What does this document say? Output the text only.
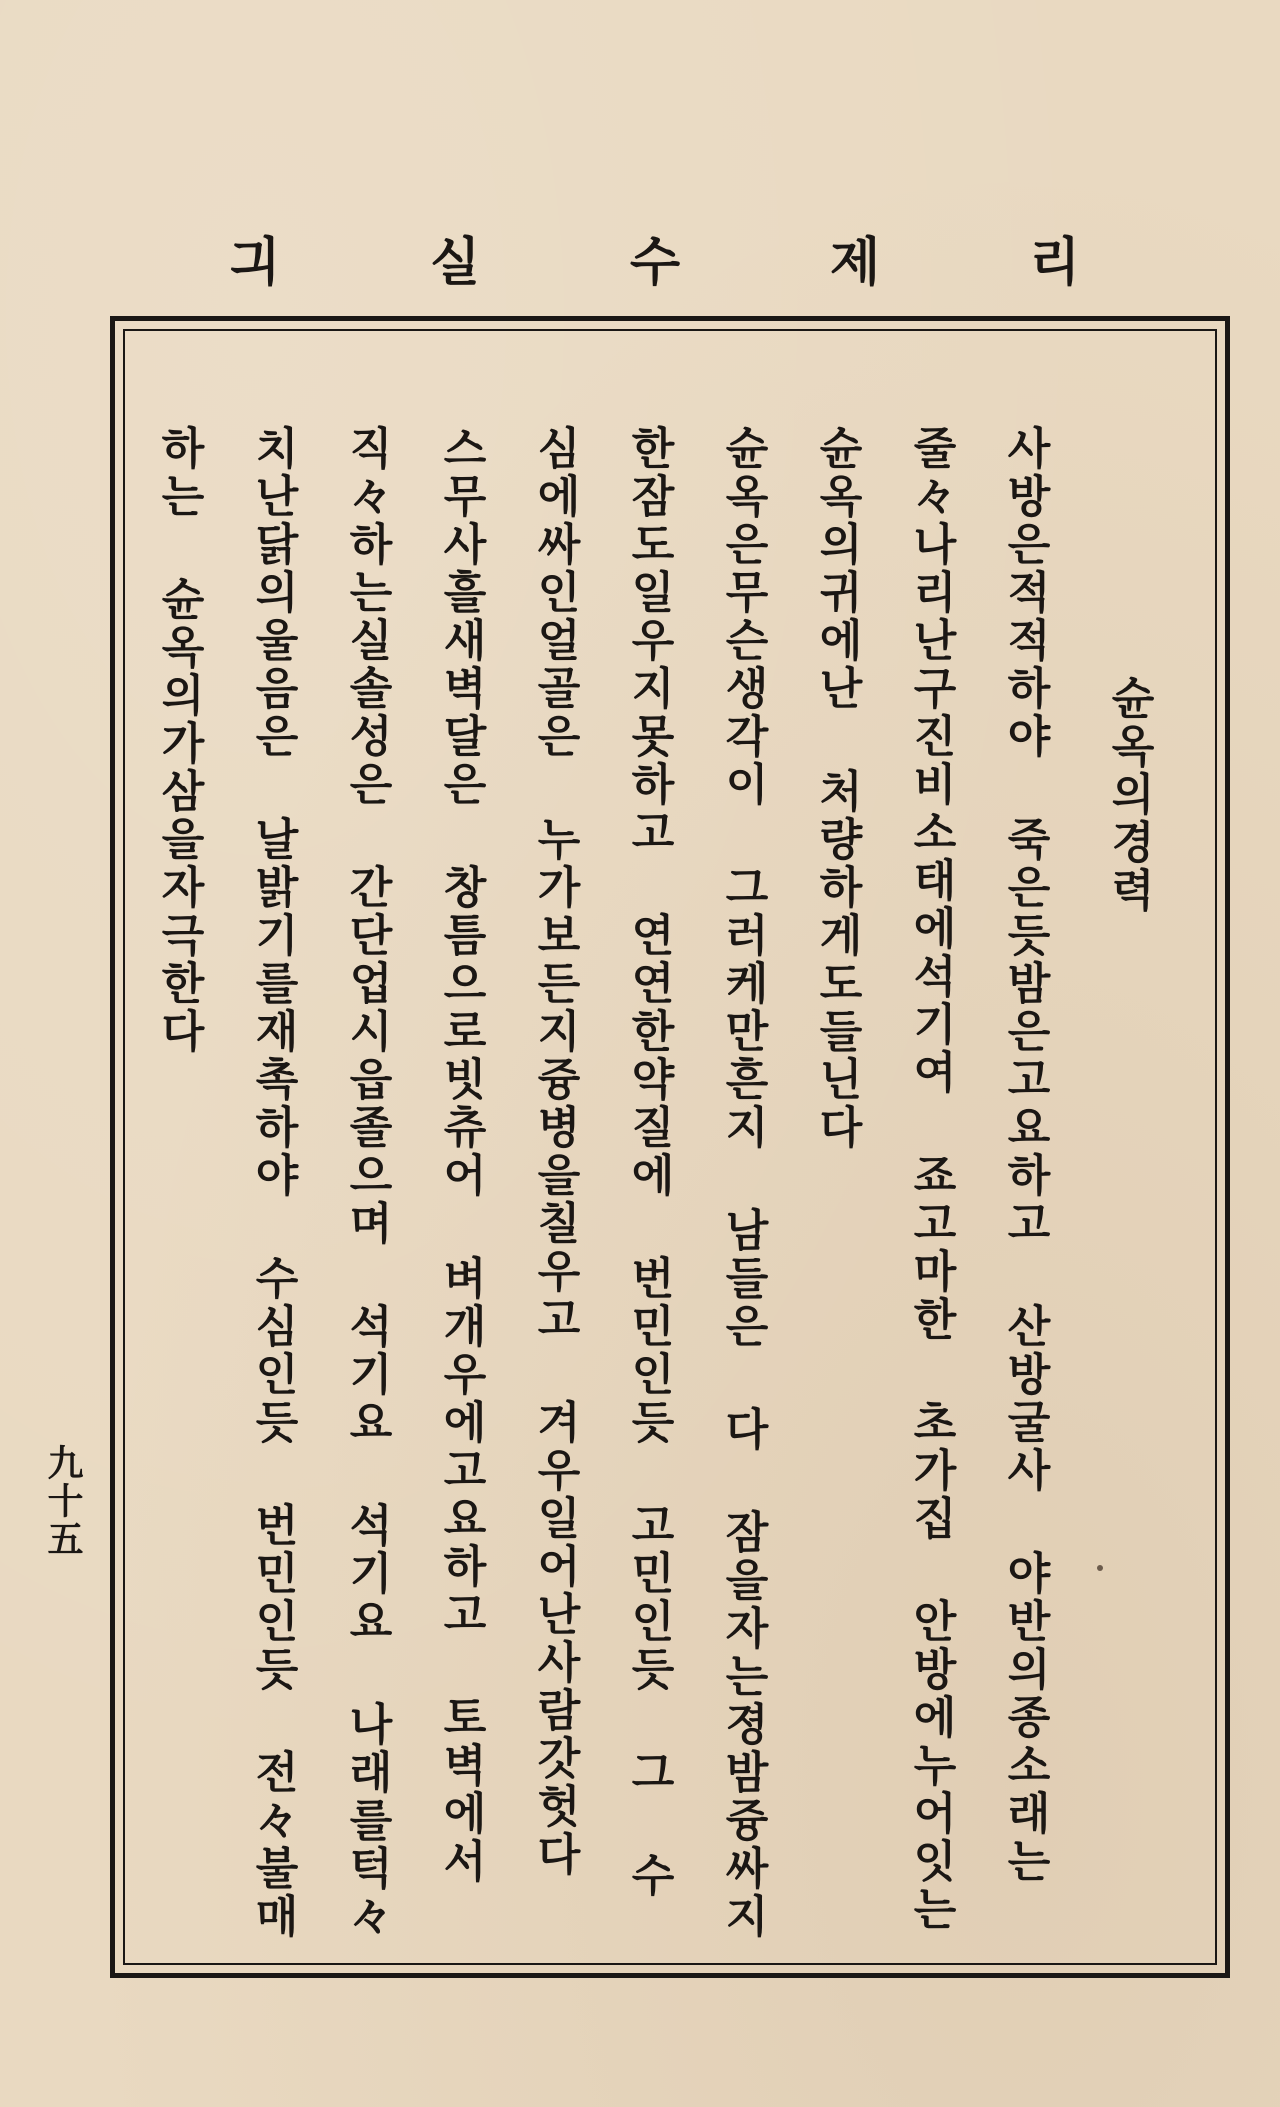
리
제
수
실
긔
슌옥의경력
사방은적적하야 죽은듯밤은고요하고 산방굴사 야반의종소래는
줄々나리난구진비소태에석기여 죠고마한 초가집 안방에누어잇는
슌옥의귀에난 처량하게도들닌다
슌옥은무슨생각이 그러케만흔지 남들은 다 잠을자는졍밤즁싸지
한잠도일우지못하고 연연한약질에 번민인듯 고민인듯 그 수
심에싸인얼골은 누가보든지즁병을칠우고 겨우일어난사람갓헛다
스무사흘새벽달은 창틈으로빗츄어 벼개우에고요하고 토벽에서
직々하는실솔성은 간단업시읍졸으며 석기요 석기요 나래를턱々
치난닭의울음은 날밝기를재촉하야 수심인듯 번민인듯 전々불매
하는 슌옥의가삼을자극한다
九十五
